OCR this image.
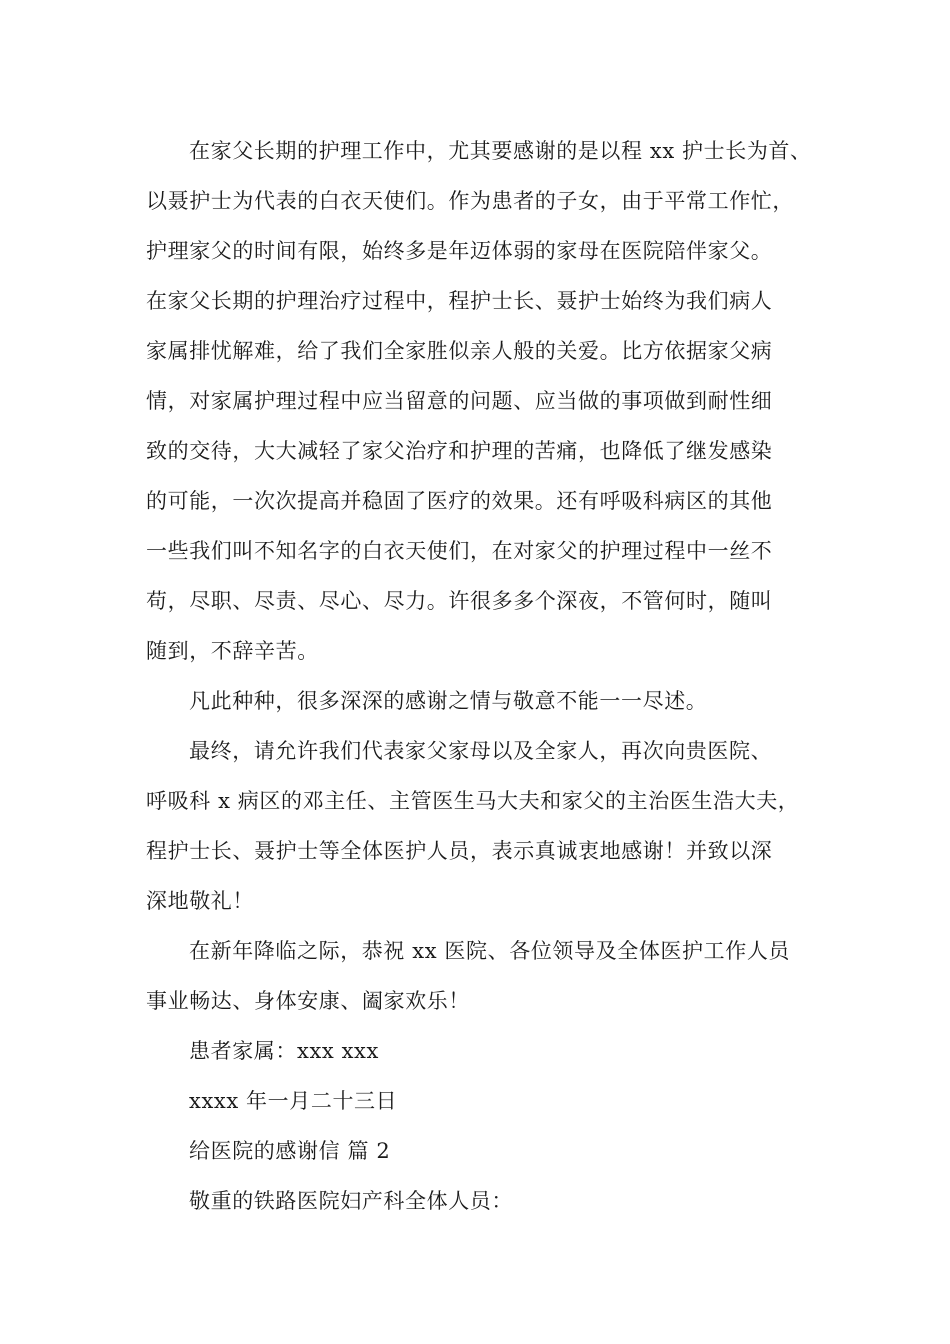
在家父长期的护理工作中，尤其要感谢的是以程 xx 护士长为首、
以聂护士为代表的白衣天使们。作为患者的子女，由于平常工作忙，
护理家父的时间有限，始终多是年迈体弱的家母在医院陪伴家父。
在家父长期的护理治疗过程中，程护士长、聂护士始终为我们病人
家属排忧解难，给了我们全家胜似亲人般的关爱。比方依据家父病
情，对家属护理过程中应当留意的问题、应当做的事项做到耐性细
致的交待，大大减轻了家父治疗和护理的苦痛，也降低了继发感染
的可能，一次次提高并稳固了医疗的效果。还有呼吸科病区的其他
一些我们叫不知名字的白衣天使们，在对家父的护理过程中一丝不
苟，尽职、尽责、尽心、尽力。许很多多个深夜，不管何时，随叫
随到，不辞辛苦。
凡此种种，很多深深的感谢之情与敬意不能一一尽述。
最终，请允许我们代表家父家母以及全家人，再次向贵医院、
呼吸科 x 病区的邓主任、主管医生马大夫和家父的主治医生浩大夫，
程护士长、聂护士等全体医护人员，表示真诚衷地感谢！并致以深
深地敬礼！
在新年降临之际，恭祝 xx 医院、各位领导及全体医护工作人员
事业畅达、身体安康、阖家欢乐！
患者家属：xxx xxx
xxxx 年一月二十三日
给医院的感谢信 篇 2
敬重的铁路医院妇产科全体人员：
